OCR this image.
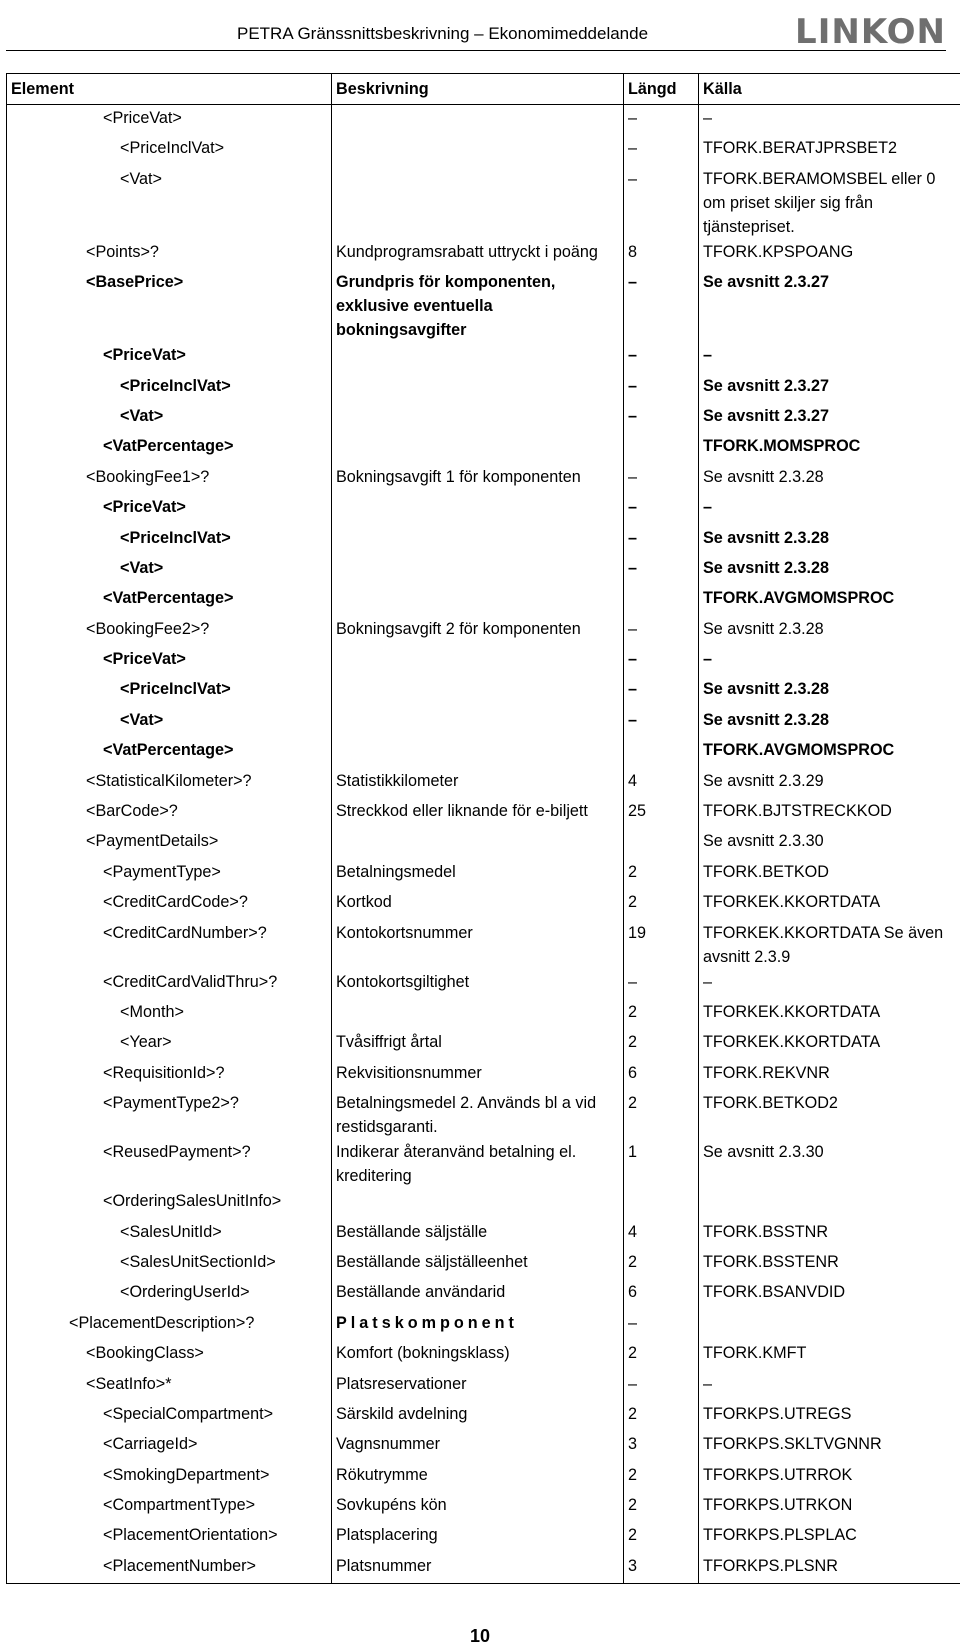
PETRA Gränssnittsbeskrivning – Ekonomimeddelande	LINKON
Element	Beskrivning	Längd	Källa
<PriceVat>		–	–
<PriceInclVat>		–	TFORK.BERATJPRSBET2
<Vat>		–	TFORK.BERAMOMSBEL eller 0 om priset skiljer sig från tjänstepriset.
<Points>?	Kundprogramsrabatt uttryckt i poäng	8	TFORK.KPSPOANG
<BasePrice>	Grundpris för komponenten, exklusive eventuella bokningsavgifter	–	Se avsnitt 2.3.27
<PriceVat>		–	–
<PriceInclVat>		–	Se avsnitt 2.3.27
<Vat>		–	Se avsnitt 2.3.27
<VatPercentage>			TFORK.MOMSPROC
<BookingFee1>?	Bokningsavgift 1 för komponenten	–	Se avsnitt 2.3.28
<PriceVat>		–	–
<PriceInclVat>		–	Se avsnitt 2.3.28
<Vat>		–	Se avsnitt 2.3.28
<VatPercentage>			TFORK.AVGMOMSPROC
<BookingFee2>?	Bokningsavgift 2 för komponenten	–	Se avsnitt 2.3.28
<PriceVat>		–	–
<PriceInclVat>		–	Se avsnitt 2.3.28
<Vat>		–	Se avsnitt 2.3.28
<VatPercentage>			TFORK.AVGMOMSPROC
<StatisticalKilometer>?	Statistikkilometer	4	Se avsnitt 2.3.29
<BarCode>?	Streckkod eller liknande för e-biljett	25	TFORK.BJTSTRECKKOD
<PaymentDetails>			Se avsnitt 2.3.30
<PaymentType>	Betalningsmedel	2	TFORK.BETKOD
<CreditCardCode>?	Kortkod	2	TFORKEK.KKORTDATA
<CreditCardNumber>?	Kontokortsnummer	19	TFORKEK.KKORTDATA Se även avsnitt 2.3.9
<CreditCardValidThru>?	Kontokortsgiltighet	–	–
<Month>		2	TFORKEK.KKORTDATA
<Year>	Tvåsiffrigt årtal	2	TFORKEK.KKORTDATA
<RequisitionId>?	Rekvisitionsnummer	6	TFORK.REKVNR
<PaymentType2>?	Betalningsmedel 2. Används bl a vid restidsgaranti.	2	TFORK.BETKOD2
<ReusedPayment>?	Indikerar återanvänd betalning el. kreditering	1	Se avsnitt 2.3.30
<OrderingSalesUnitInfo>			
<SalesUnitId>	Beställande säljställe	4	TFORK.BSSTNR
<SalesUnitSectionId>	Beställande säljställeenhet	2	TFORK.BSSTENR
<OrderingUserId>	Beställande användarid	6	TFORK.BSANVDID
<PlacementDescription>?	Platskomponent	–	
<BookingClass>	Komfort (bokningsklass)	2	TFORK.KMFT
<SeatInfo>*	Platsreservationer	–	–
<SpecialCompartment>	Särskild avdelning	2	TFORKPS.UTREGS
<CarriageId>	Vagnsnummer	3	TFORKPS.SKLTVGNNR
<SmokingDepartment>	Rökutrymme	2	TFORKPS.UTRROK
<CompartmentType>	Sovkupéns kön	2	TFORKPS.UTRKON
<PlacementOrientation>	Platsplacering	2	TFORKPS.PLSPLAC
<PlacementNumber>	Platsnummer	3	TFORKPS.PLSNR
10
